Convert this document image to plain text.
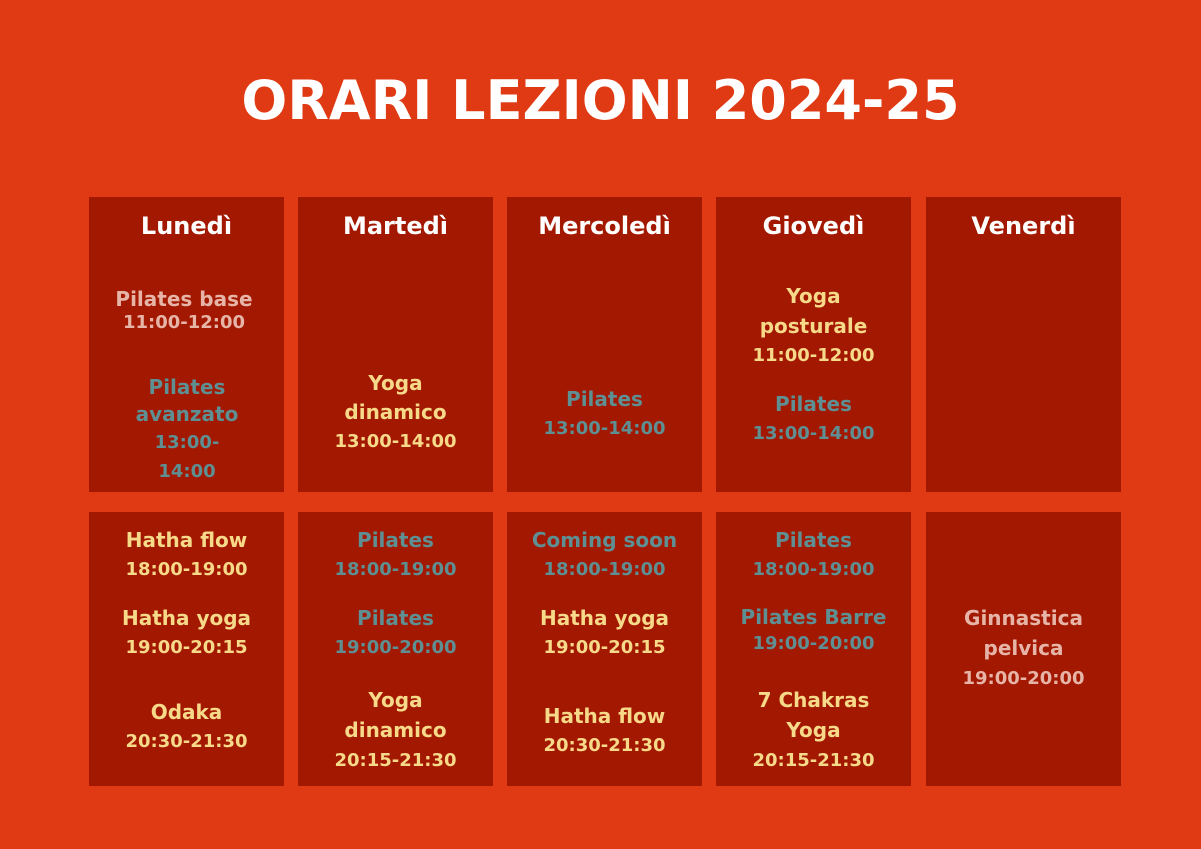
ORARI LEZIONI 2024-25
Lunedì
Pilates base
11:00-12:00
Pilates avanzato
13:00-14:00
Martedì
Yoga dinamico
13:00-14:00
Mercoledì
Pilates
13:00-14:00
Giovedì
Yoga posturale
11:00-12:00
Pilates
13:00-14:00
Venerdì
Hatha flow
18:00-19:00
Hatha yoga
19:00-20:15
Odaka
20:30-21:30
Pilates
18:00-19:00
Pilates
19:00-20:00
Yoga dinamico
20:15-21:30
Coming soon
18:00-19:00
Hatha yoga
19:00-20:15
Hatha flow
20:30-21:30
Pilates
18:00-19:00
Pilates Barre
19:00-20:00
7 Chakras Yoga
20:15-21:30
Ginnastica pelvica
19:00-20:00
